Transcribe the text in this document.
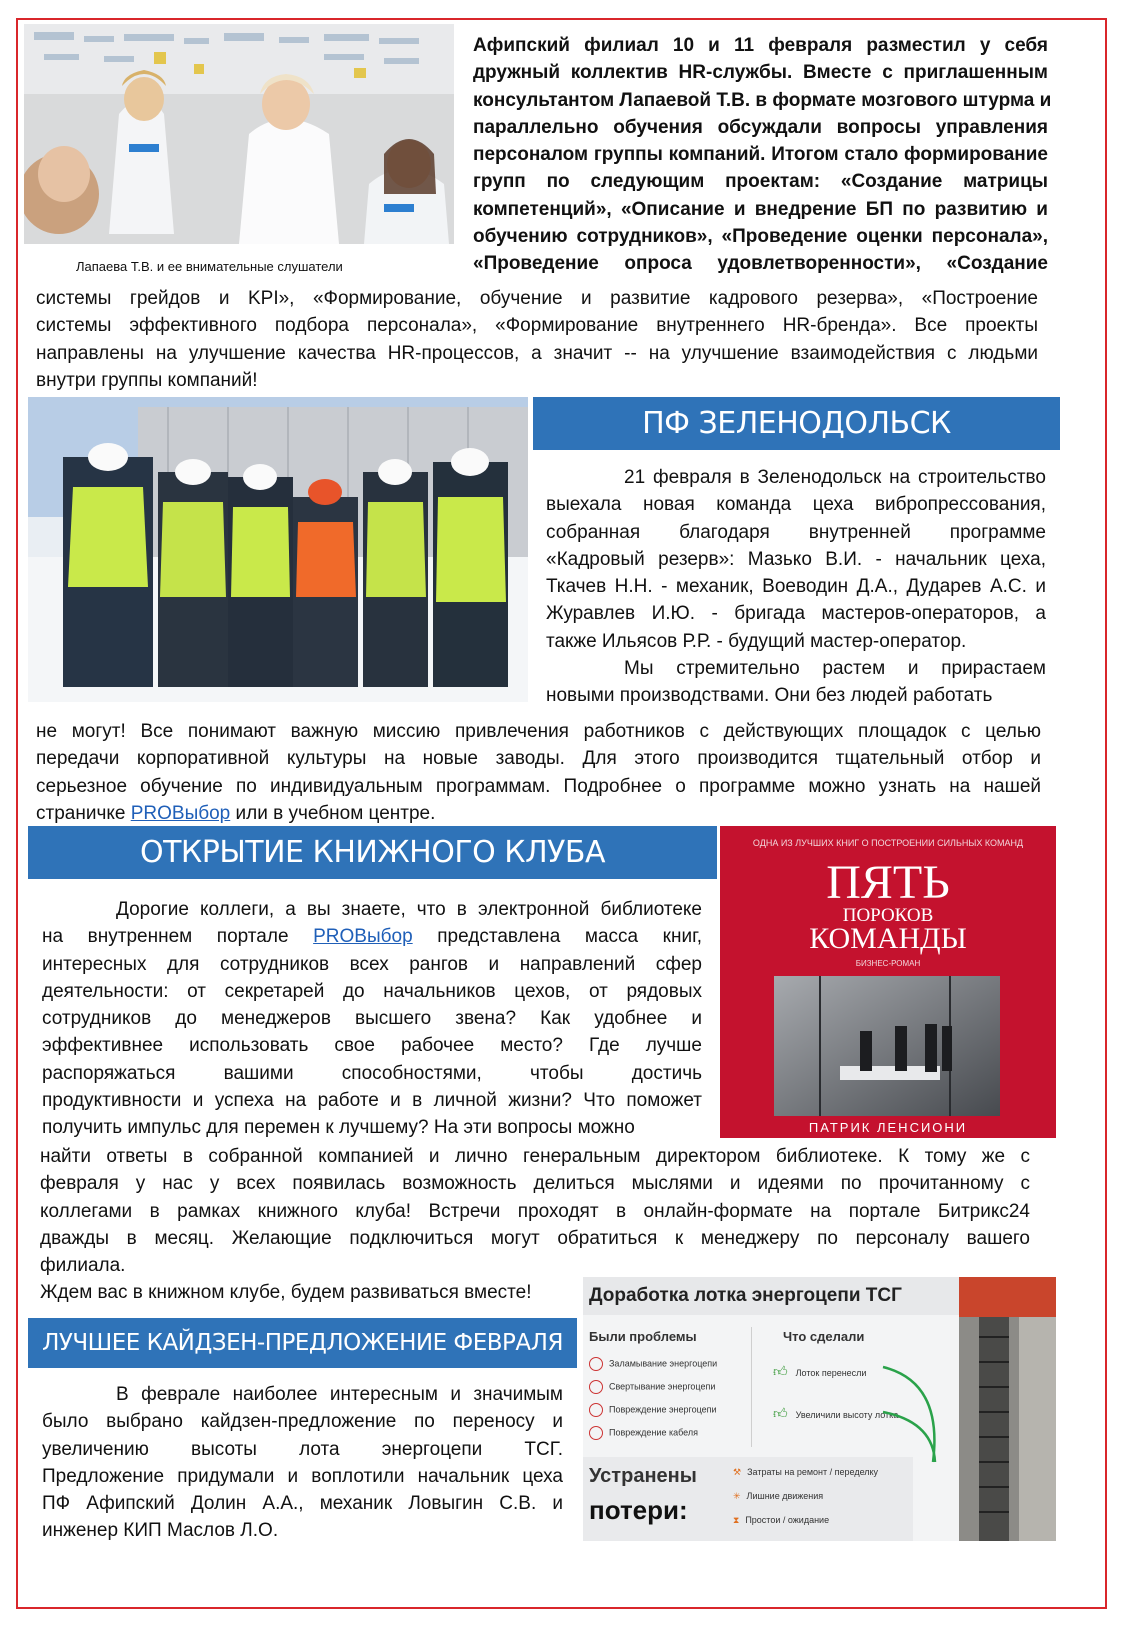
Лапаева Т.В. и ее внимательные слушатели
Афипский филиал 10 и 11 февраля разместил у себя
дружный коллектив HR-службы. Вместе с приглашенным
консультантом Лапаевой Т.В. в формате мозгового штурма и
параллельно обучения обсуждали вопросы управления
персоналом группы компаний. Итогом стало формирование
групп по следующим проектам: «Создание матрицы
компетенций», «Описание и внедрение БП по развитию и
обучению сотрудников», «Проведение оценки персонала»,
«Проведение опроса удовлетворенности», «Создание
системы грейдов и KPI», «Формирование, обучение и развитие кадрового резерва», «Построение
системы эффективного подбора персонала», «Формирование внутреннего HR-бренда». Все проекты
направлены на улучшение качества HR-процессов, а значит -- на улучшение взаимодействия с людьми
внутри группы компаний!
ПФ ЗЕЛЕНОДОЛЬСК
21 февраля в Зеленодольск на строительство
выехала новая команда цеха вибропрессования,
собранная благодаря внутренней программе
«Кадровый резерв»: Мазько В.И. - начальник цеха,
Ткачев Н.Н. - механик, Воеводин Д.А., Дударев А.С. и
Журавлев И.Ю. - бригада мастеров-операторов, а
также Ильясов Р.Р. - будущий мастер-оператор.
Мы стремительно растем и прирастаем
новыми производствами. Они без людей работать
не могут! Все понимают важную миссию привлечения работников с действующих площадок с целью
передачи корпоративной культуры на новые заводы. Для этого производится тщательный отбор и
серьезное обучение по индивидуальным программам. Подробнее о программе можно узнать на нашей
страничке PROВыбор или в учебном центре.
ОТКРЫТИЕ КНИЖНОГО КЛУБА	ОДНА ИЗ ЛУЧШИХ КНИГ О ПОСТРОЕНИИ СИЛЬНЫХ КОМАНД
ПЯТЬ
ПОРОКОВ
КОМАНДЫ
БИЗНЕС-РОМАН
ПАТРИК ЛЕНСИОНИ
Дорогие коллеги, а вы знаете, что в электронной библиотеке
на внутреннем портале PROВыбор представлена масса книг,
интересных для сотрудников всех рангов и направлений сфер
деятельности: от секретарей до начальников цехов, от рядовых
сотрудников до менеджеров высшего звена? Как удобнее и
эффективнее использовать свое рабочее место? Где лучше
распоряжаться вашими способностями, чтобы достичь
продуктивности и успеха на работе и в личной жизни? Что поможет
получить импульс для перемен к лучшему? На эти вопросы можно
найти ответы в собранной компанией и лично генеральным директором библиотеке. К тому же с
февраля у нас у всех появилась возможность делиться мыслями и идеями по прочитанному с
коллегами в рамках книжного клуба! Встречи проходят в онлайн-формате на портале Битрикс24
дважды в месяц. Желающие подключиться могут обратиться к менеджеру по персоналу вашего
филиала.
Ждем вас в книжном клубе, будем развиваться вместе!
ЛУЧШЕЕ КАЙДЗЕН-ПРЕДЛОЖЕНИЕ ФЕВРАЛЯ
В феврале наиболее интересным и значимым
было выбрано кайдзен-предложение по переносу и
увеличению высоты лота энергоцепи ТСГ.
Предложение придумали и воплотили начальник цеха
ПФ Афипский Долин А.А., механик Ловыгин С.В. и
инженер КИП Маслов Л.О.
Доработка лотка энергоцепи ТСГ
Были проблемы	Что сделали
Заламывание энергоцепи
Свертывание энергоцепи
Повреждение энергоцепи
Повреждение кабеля
👍︎ Лоток перенесли
👍︎ Увеличили высоту лотка
Устранены
потери:
⚒ Затраты на ремонт / переделку
✳ Лишние движения
⧗ Простои / ожидание
